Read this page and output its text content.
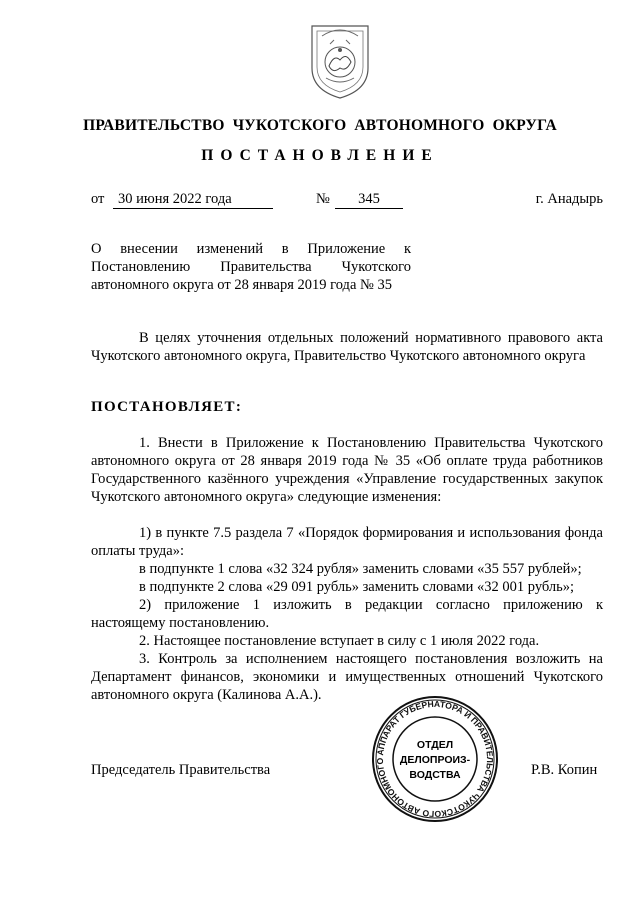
ПРАВИТЕЛЬСТВО ЧУКОТСКОГО АВТОНОМНОГО ОКРУГА
ПОСТАНОВЛЕНИЕ
от 30 июня 2022 года	№	345	г. Анадырь
О внесении изменений в Приложение к Постановлению Правительства Чукотского автономного округа от 28 января 2019 года № 35
В целях уточнения отдельных положений нормативного правового акта Чукотского автономного округа, Правительство Чукотского автономного округа
ПОСТАНОВЛЯЕТ:
1. Внести в Приложение к Постановлению Правительства Чукотского автономного округа от 28 января 2019 года № 35 «Об оплате труда работников Государственного казённого учреждения «Управление государственных закупок Чукотского автономного округа» следующие изменения:
1) в пункте 7.5 раздела 7 «Порядок формирования и использования фонда оплаты труда»:
в подпункте 1 слова «32 324 рубля» заменить словами «35 557 рублей»;
в подпункте 2 слова «29 091 рубль» заменить словами «32 001 рубль»;
2) приложение 1 изложить в редакции согласно приложению к настоящему постановлению.
2. Настоящее постановление вступает в силу с 1 июля 2022 года.
3. Контроль за исполнением настоящего постановления возложить на Департамент финансов, экономики и имущественных отношений Чукотского автономного округа (Калинова А.А.).
АППАРАТ ГУБЕРНАТОРА И ПРАВИТЕЛЬСТВА ЧУКОТСКОГО АВТОНОМНОГО
ОТДЕЛ
ДЕЛОПРОИЗ-
ВОДСТВА
Председатель Правительства	Р.В. Копин
